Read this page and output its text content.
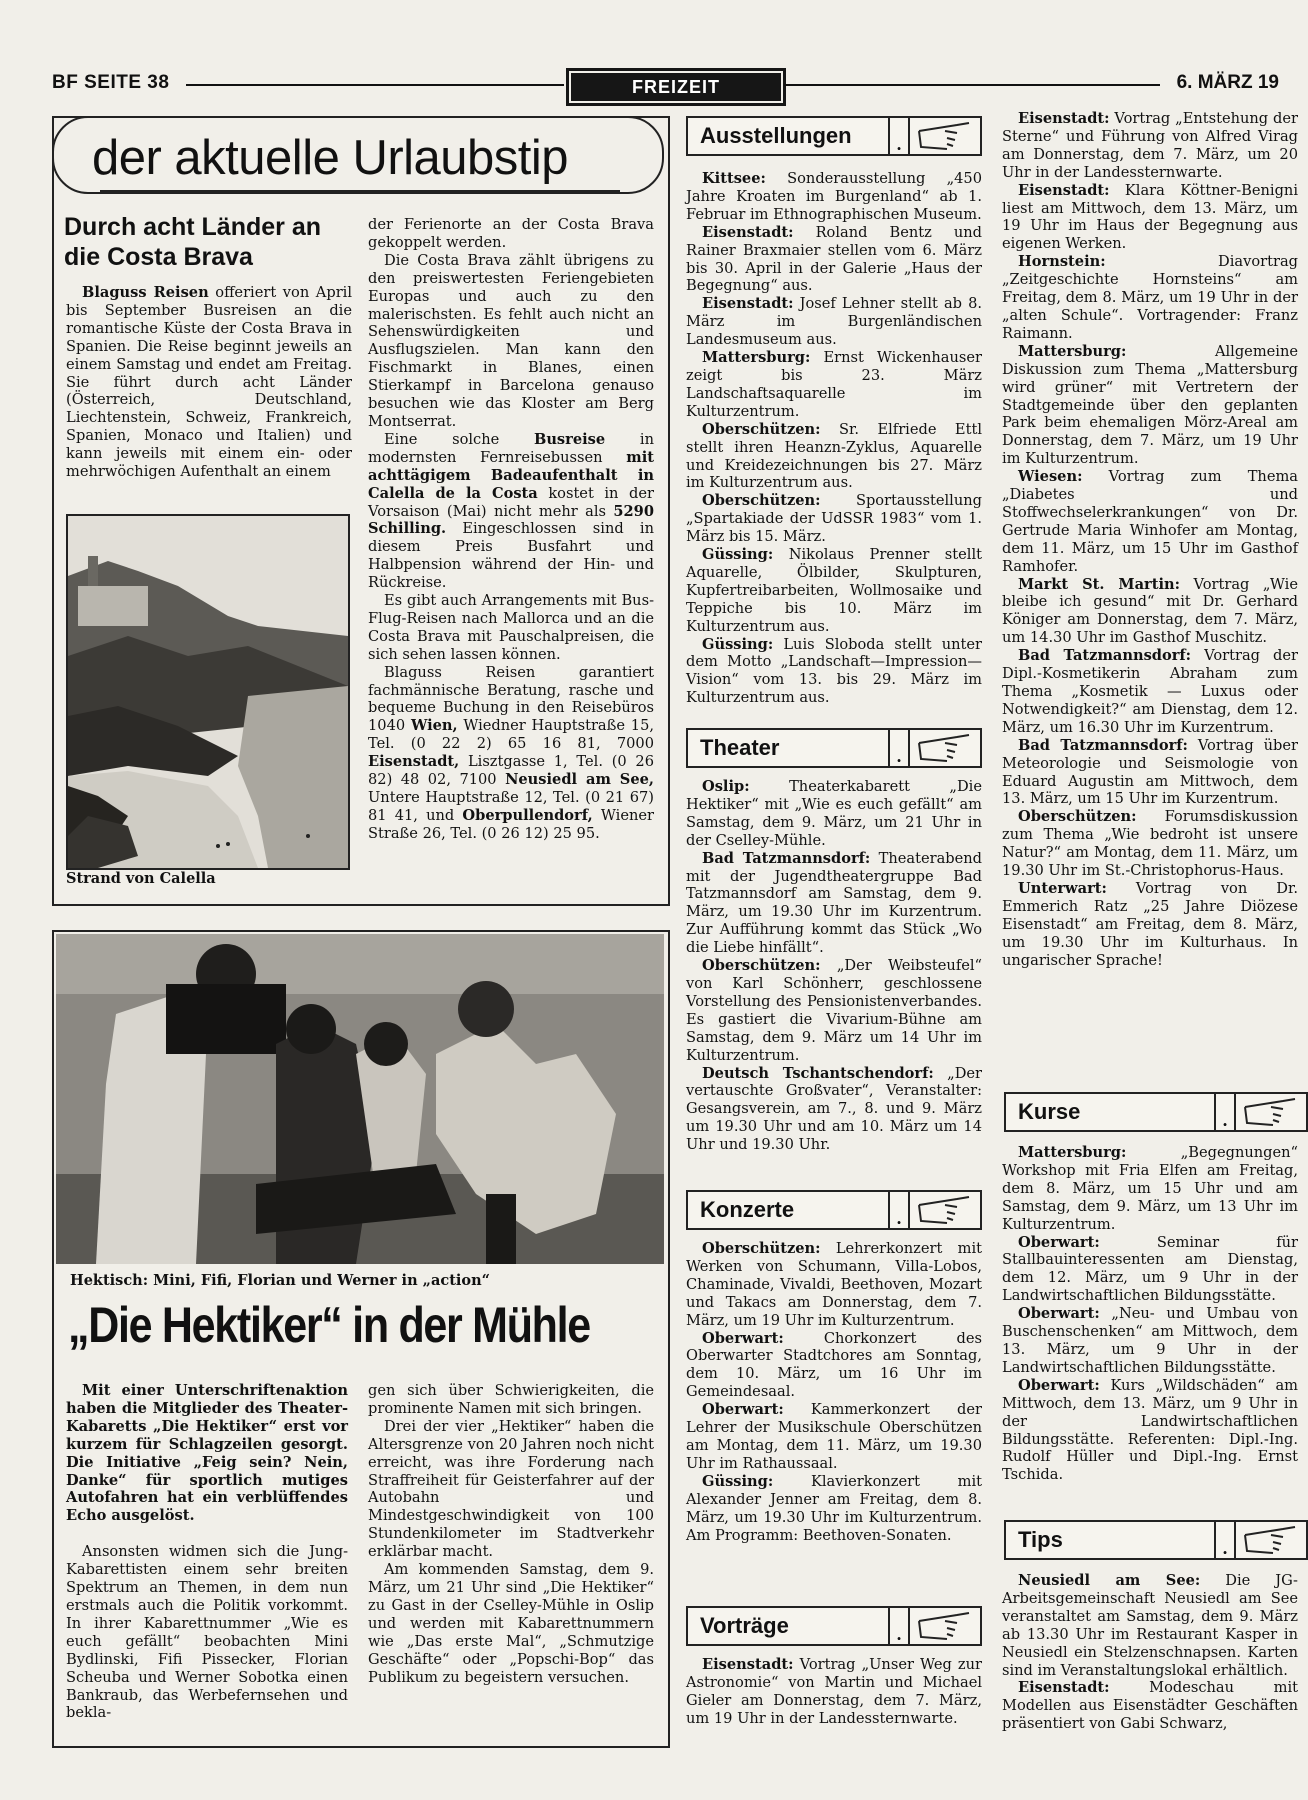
BF SEITE 38	FREIZEIT	6. MÄRZ 19
der aktuelle Urlaubstip
Durch acht Länder an die Costa Brava

Blaguss Reisen offeriert von April bis September Busreisen an die romantische Küste der Costa Brava in Spanien. Die Reise beginnt jeweils an einem Samstag und endet am Freitag. Sie führt durch acht Länder (Österreich, Deutschland, Liechtenstein, Schweiz, Frankreich, Spanien, Monaco und Italien) und kann jeweils mit einem ein- oder mehrwöchigen Aufenthalt an einem

Strand von Calella

der Ferienorte an der Costa Brava gekoppelt werden.

Die Costa Brava zählt übrigens zu den preiswertesten Feriengebieten Europas und auch zu den malerischsten. Es fehlt auch nicht an Sehenswürdigkeiten und Ausflugszielen. Man kann den Fischmarkt in Blanes, einen Stierkampf in Barcelona genauso besuchen wie das Kloster am Berg Montserrat.

Eine solche Busreise in modernsten Fernreisebussen mit achttägigem Badeaufenthalt in Calella de la Costa kostet in der Vorsaison (Mai) nicht mehr als 5290 Schilling. Eingeschlossen sind in diesem Preis Busfahrt und Halbpension während der Hin- und Rückreise.

Es gibt auch Arrangements mit Bus-Flug-Reisen nach Mallorca und an die Costa Brava mit Pauschalpreisen, die sich sehen lassen können.

Blaguss Reisen garantiert fachmännische Beratung, rasche und bequeme Buchung in den Reisebüros 1040 Wien, Wiedner Hauptstraße 15, Tel. (0 22 2) 65 16 81, 7000 Eisenstadt, Lisztgasse 1, Tel. (0 26 82) 48 02, 7100 Neusiedl am See, Untere Hauptstraße 12, Tel. (0 21 67) 81 41, und Oberpullendorf, Wiener Straße 26, Tel. (0 26 12) 25 95.

Hektisch: Mini, Fifi, Florian und Werner in „action“
„Die Hektiker“ in der Mühle

Mit einer Unterschriftenaktion haben die Mitglieder des Theater-Kabaretts „Die Hektiker“ erst vor kurzem für Schlagzeilen gesorgt. Die Initiative „Feig sein? Nein, Danke“ für sportlich mutiges Autofahren hat ein verblüffendes Echo ausgelöst.

Ansonsten widmen sich die Jung-Kabarettisten einem sehr breiten Spektrum an Themen, in dem nun erstmals auch die Politik vorkommt. In ihrer Kabarettnummer „Wie es euch gefällt“ beobachten Mini Bydlinski, Fifi Pissecker, Florian Scheuba und Werner Sobotka einen Bankraub, das Werbefernsehen und bekla-

gen sich über Schwierigkeiten, die prominente Namen mit sich bringen.

Drei der vier „Hektiker“ haben die Altersgrenze von 20 Jahren noch nicht erreicht, was ihre Forderung nach Straffreiheit für Geisterfahrer auf der Autobahn und Mindestgeschwindigkeit von 100 Stundenkilometer im Stadtverkehr erklärbar macht.

Am kommenden Samstag, dem 9. März, um 21 Uhr sind „Die Hektiker“ zu Gast in der Cselley-Mühle in Oslip und werden mit Kabarettnummern wie „Das erste Mal“, „Schmutzige Geschäfte“ oder „Popschi-Bop“ das Publikum zu begeistern versuchen.

Ausstellungen	.

Kittsee: Sonderausstellung „450 Jahre Kroaten im Burgenland“ ab 1. Februar im Ethnographischen Museum.

Eisenstadt: Roland Bentz und Rainer Braxmaier stellen vom 6. März bis 30. April in der Galerie „Haus der Begegnung“ aus.

Eisenstadt: Josef Lehner stellt ab 8. März im Burgenländischen Landesmuseum aus.

Mattersburg: Ernst Wickenhauser zeigt bis 23. März Landschaftsaquarelle im Kulturzentrum.

Oberschützen: Sr. Elfriede Ettl stellt ihren Heanzn-Zyklus, Aquarelle und Kreidezeichnungen bis 27. März im Kulturzentrum aus.

Oberschützen: Sportausstellung „Spartakiade der UdSSR 1983“ vom 1. März bis 15. März.

Güssing: Nikolaus Prenner stellt Aquarelle, Ölbilder, Skulpturen, Kupfertreibarbeiten, Wollmosaike und Teppiche bis 10. März im Kulturzentrum aus.

Güssing: Luis Sloboda stellt unter dem Motto „Landschaft—Impression—Vision“ vom 13. bis 29. März im Kulturzentrum aus.

Theater	.

Oslip: Theaterkabarett „Die Hektiker“ mit „Wie es euch gefällt“ am Samstag, dem 9. März, um 21 Uhr in der Cselley-Mühle.

Bad Tatzmannsdorf: Theaterabend mit der Jugendtheatergruppe Bad Tatzmannsdorf am Samstag, dem 9. März, um 19.30 Uhr im Kurzentrum. Zur Aufführung kommt das Stück „Wo die Liebe hinfällt“.

Oberschützen: „Der Weibsteufel“ von Karl Schönherr, geschlossene Vorstellung des Pensionistenverbandes. Es gastiert die Vivarium-Bühne am Samstag, dem 9. März um 14 Uhr im Kulturzentrum.

Deutsch Tschantschendorf: „Der vertauschte Großvater“, Veranstalter: Gesangsverein, am 7., 8. und 9. März um 19.30 Uhr und am 10. März um 14 Uhr und 19.30 Uhr.

Konzerte	.

Oberschützen: Lehrerkonzert mit Werken von Schumann, Villa-Lobos, Chaminade, Vivaldi, Beethoven, Mozart und Takacs am Donnerstag, dem 7. März, um 19 Uhr im Kulturzentrum.

Oberwart: Chorkonzert des Oberwarter Stadtchores am Sonntag, dem 10. März, um 16 Uhr im Gemeindesaal.

Oberwart: Kammerkonzert der Lehrer der Musikschule Oberschützen am Montag, dem 11. März, um 19.30 Uhr im Rathaussaal.

Güssing: Klavierkonzert mit Alexander Jenner am Freitag, dem 8. März, um 19.30 Uhr im Kulturzentrum. Am Programm: Beethoven-Sonaten.

Vorträge	.

Eisenstadt: Vortrag „Unser Weg zur Astronomie“ von Martin und Michael Gieler am Donnerstag, dem 7. März, um 19 Uhr in der Landessternwarte.

Eisenstadt: Vortrag „Entstehung der Sterne“ und Führung von Alfred Virag am Donnerstag, dem 7. März, um 20 Uhr in der Landessternwarte.

Eisenstadt: Klara Köttner-Benigni liest am Mittwoch, dem 13. März, um 19 Uhr im Haus der Begegnung aus eigenen Werken.

Hornstein: Diavortrag „Zeitgeschichte Hornsteins“ am Freitag, dem 8. März, um 19 Uhr in der „alten Schule“. Vortragender: Franz Raimann.

Mattersburg: Allgemeine Diskussion zum Thema „Mattersburg wird grüner“ mit Vertretern der Stadtgemeinde über den geplanten Park beim ehemaligen Mörz-Areal am Donnerstag, dem 7. März, um 19 Uhr im Kulturzentrum.

Wiesen: Vortrag zum Thema „Diabetes und Stoffwechselerkrankungen“ von Dr. Gertrude Maria Winhofer am Montag, dem 11. März, um 15 Uhr im Gasthof Ramhofer.

Markt St. Martin: Vortrag „Wie bleibe ich gesund“ mit Dr. Gerhard Königer am Donnerstag, dem 7. März, um 14.30 Uhr im Gasthof Muschitz.

Bad Tatzmannsdorf: Vortrag der Dipl.-Kosmetikerin Abraham zum Thema „Kosmetik — Luxus oder Notwendigkeit?“ am Dienstag, dem 12. März, um 16.30 Uhr im Kurzentrum.

Bad Tatzmannsdorf: Vortrag über Meteorologie und Seismologie von Eduard Augustin am Mittwoch, dem 13. März, um 15 Uhr im Kurzentrum.

Oberschützen: Forumsdiskussion zum Thema „Wie bedroht ist unsere Natur?“ am Montag, dem 11. März, um 19.30 Uhr im St.-Christophorus-Haus.

Unterwart: Vortrag von Dr. Emmerich Ratz „25 Jahre Diözese Eisenstadt“ am Freitag, dem 8. März, um 19.30 Uhr im Kulturhaus. In ungarischer Sprache!

Kurse	.

Mattersburg: „Begegnungen“ Workshop mit Fria Elfen am Freitag, dem 8. März, um 15 Uhr und am Samstag, dem 9. März, um 13 Uhr im Kulturzentrum.

Oberwart: Seminar für Stallbauinteressenten am Dienstag, dem 12. März, um 9 Uhr in der Landwirtschaftlichen Bildungsstätte.

Oberwart: „Neu- und Umbau von Buschenschenken“ am Mittwoch, dem 13. März, um 9 Uhr in der Landwirtschaftlichen Bildungsstätte.

Oberwart: Kurs „Wildschäden“ am Mittwoch, dem 13. März, um 9 Uhr in der Landwirtschaftlichen Bildungsstätte. Referenten: Dipl.-Ing. Rudolf Hüller und Dipl.-Ing. Ernst Tschida.

Tips	.

Neusiedl am See: Die JG-Arbeitsgemeinschaft Neusiedl am See veranstaltet am Samstag, dem 9. März ab 13.30 Uhr im Restaurant Kasper in Neusiedl ein Stelzenschnapsen. Karten sind im Veranstaltungslokal erhältlich.

Eisenstadt: Modeschau mit Modellen aus Eisenstädter Geschäften präsentiert von Gabi Schwarz,
